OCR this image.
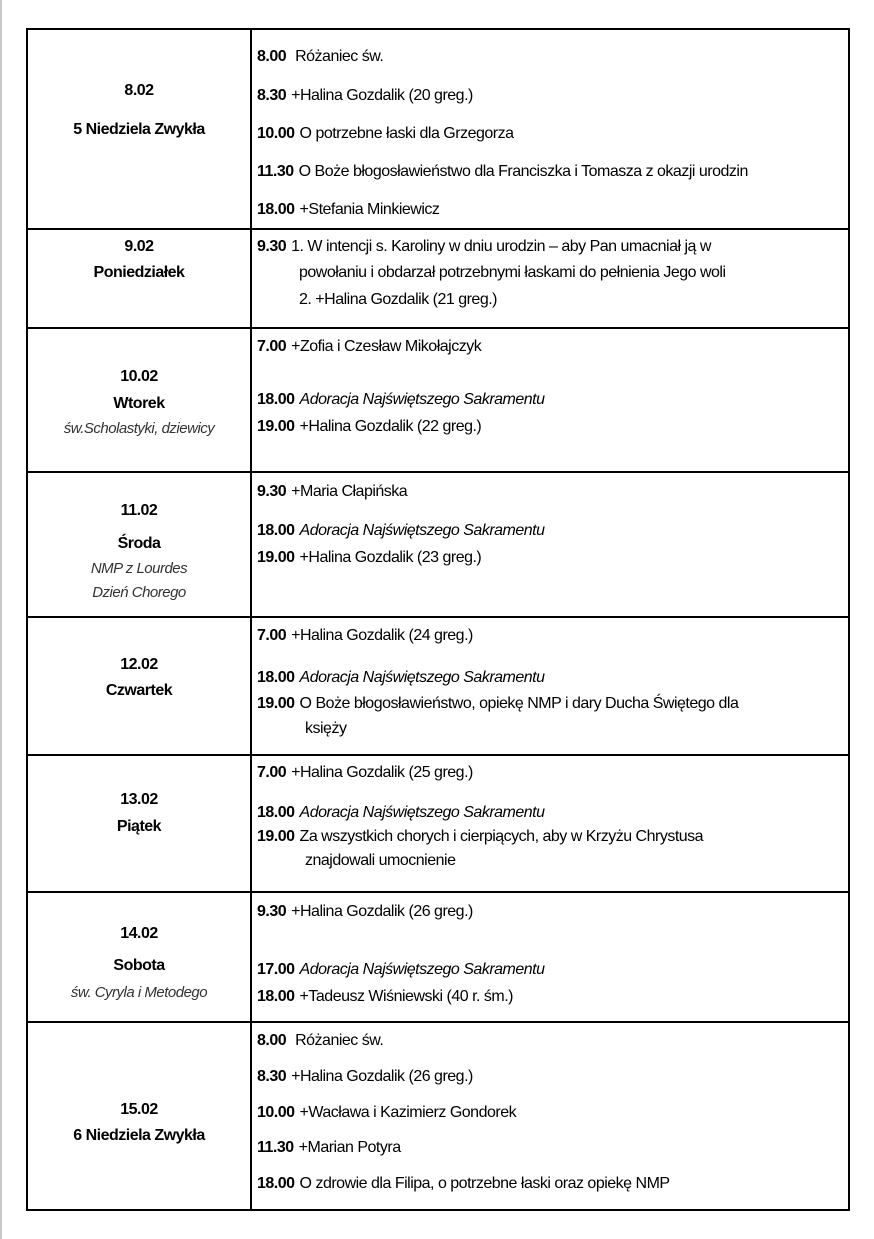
8.02
5 Niedziela Zwykła
8.00 Różaniec św.
8.30 +Halina Gozdalik (20 greg.)
10.00 O potrzebne łaski dla Grzegorza
11.30 O Boże błogosławieństwo dla Franciszka i Tomasza z okazji urodzin
18.00 +Stefania Minkiewicz
9.02
Poniedziałek
9.30 1. W intencji s. Karoliny w dniu urodzin – aby Pan umacniał ją w
powołaniu i obdarzał potrzebnymi łaskami do pełnienia Jego woli
2. +Halina Gozdalik (21 greg.)
10.02
Wtorek
św.Scholastyki, dziewicy
7.00 +Zofia i Czesław Mikołajczyk
18.00 Adoracja Najświętszego Sakramentu
19.00 +Halina Gozdalik (22 greg.)
11.02
Środa
NMP z Lourdes
Dzień Chorego
9.30 +Maria Cłapińska
18.00 Adoracja Najświętszego Sakramentu
19.00 +Halina Gozdalik (23 greg.)
12.02
Czwartek
7.00 +Halina Gozdalik (24 greg.)
18.00 Adoracja Najświętszego Sakramentu
19.00 O Boże błogosławieństwo, opiekę NMP i dary Ducha Świętego dla
księży
13.02
Piątek
7.00 +Halina Gozdalik (25 greg.)
18.00 Adoracja Najświętszego Sakramentu
19.00 Za wszystkich chorych i cierpiących, aby w Krzyżu Chrystusa
znajdowali umocnienie
14.02
Sobota
św. Cyryla i Metodego
9.30 +Halina Gozdalik (26 greg.)
17.00 Adoracja Najświętszego Sakramentu
18.00 +Tadeusz Wiśniewski (40 r. śm.)
15.02
6 Niedziela Zwykła
8.00 Różaniec św.
8.30 +Halina Gozdalik (26 greg.)
10.00 +Wacława i Kazimierz Gondorek
11.30 +Marian Potyra
18.00 O zdrowie dla Filipa, o potrzebne łaski oraz opiekę NMP
